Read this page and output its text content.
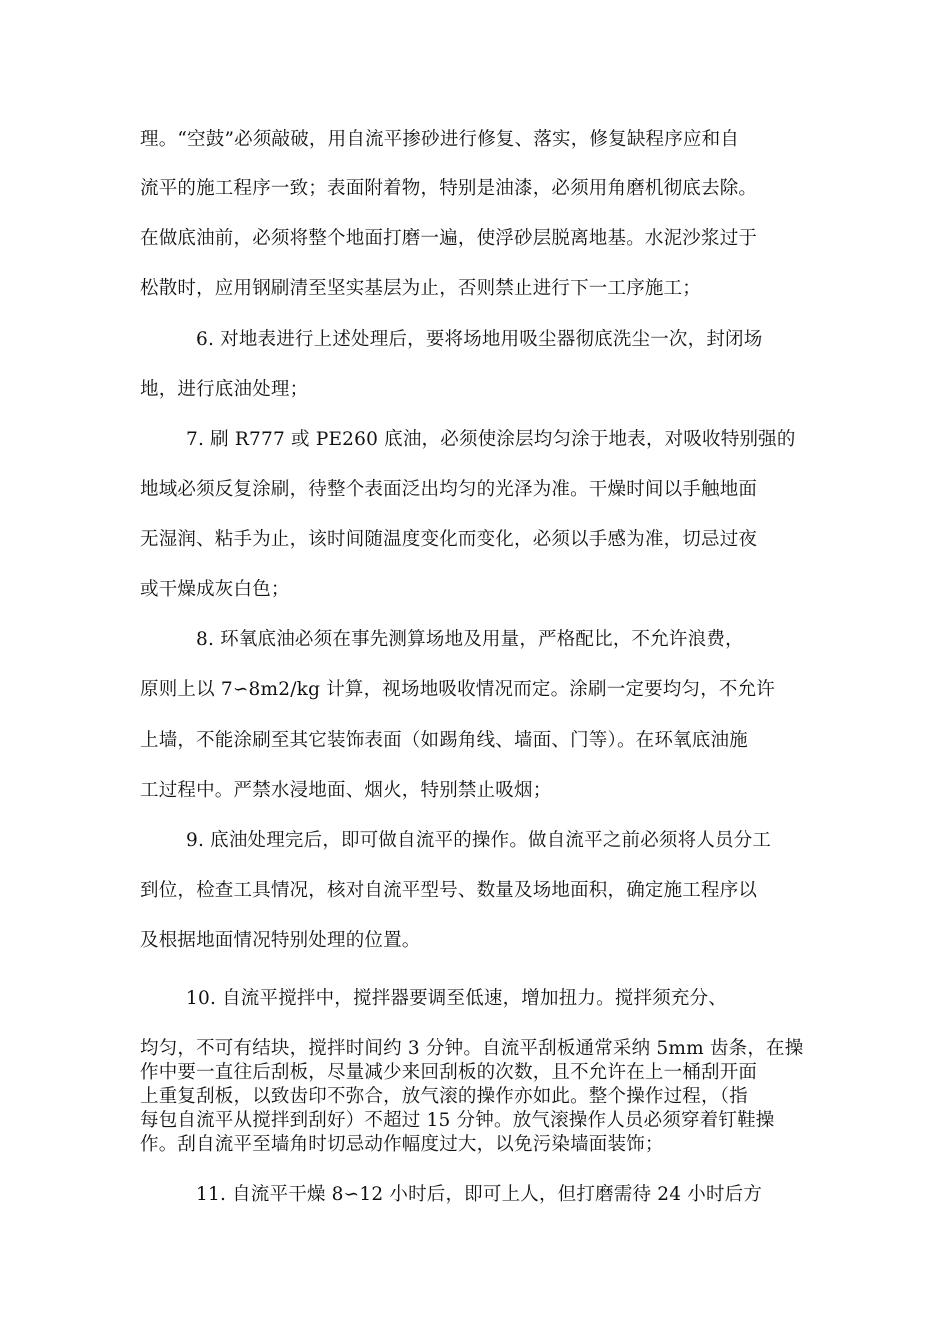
理。“空鼓”必须敲破，用自流平掺砂进行修复、落实，修复缺程序应和自
流平的施工程序一致；表面附着物，特别是油漆，必须用角磨机彻底去除。
在做底油前，必须将整个地面打磨一遍，使浮砂层脱离地基。水泥沙浆过于
松散时，应用钢刷清至坚实基层为止，否则禁止进行下一工序施工；
6. 对地表进行上述处理后，要将场地用吸尘器彻底洗尘一次，封闭场
地，进行底油处理；
7. 刷 R777 或 PE260 底油，必须使涂层均匀涂于地表，对吸收特别强的
地域必须反复涂刷，待整个表面泛出均匀的光泽为准。干燥时间以手触地面
无湿润、粘手为止，该时间随温度变化而变化，必须以手感为准，切忌过夜
或干燥成灰白色；
8. 环氧底油必须在事先测算场地及用量，严格配比，不允许浪费，
原则上以 7∽8m2/kg 计算，视场地吸收情况而定。涂刷一定要均匀，不允许
上墙，不能涂刷至其它装饰表面（如踢角线、墙面、门等）。在环氧底油施
工过程中。严禁水浸地面、烟火，特别禁止吸烟；
9. 底油处理完后，即可做自流平的操作。做自流平之前必须将人员分工
到位，检查工具情况，核对自流平型号、数量及场地面积，确定施工程序以
及根据地面情况特别处理的位置。
10. 自流平搅拌中，搅拌器要调至低速，增加扭力。搅拌须充分、
均匀，不可有结块，搅拌时间约 3 分钟。自流平刮板通常采纳 5mm 齿条，在操
作中要一直往后刮板，尽量减少来回刮板的次数，且不允许在上一桶刮开面
上重复刮板，以致齿印不弥合，放气滚的操作亦如此。整个操作过程，（指
每包自流平从搅拌到刮好）不超过 15 分钟。放气滚操作人员必须穿着钉鞋操
作。刮自流平至墙角时切忌动作幅度过大，以免污染墙面装饰；
11. 自流平干燥 8∽12 小时后，即可上人，但打磨需待 24 小时后方
